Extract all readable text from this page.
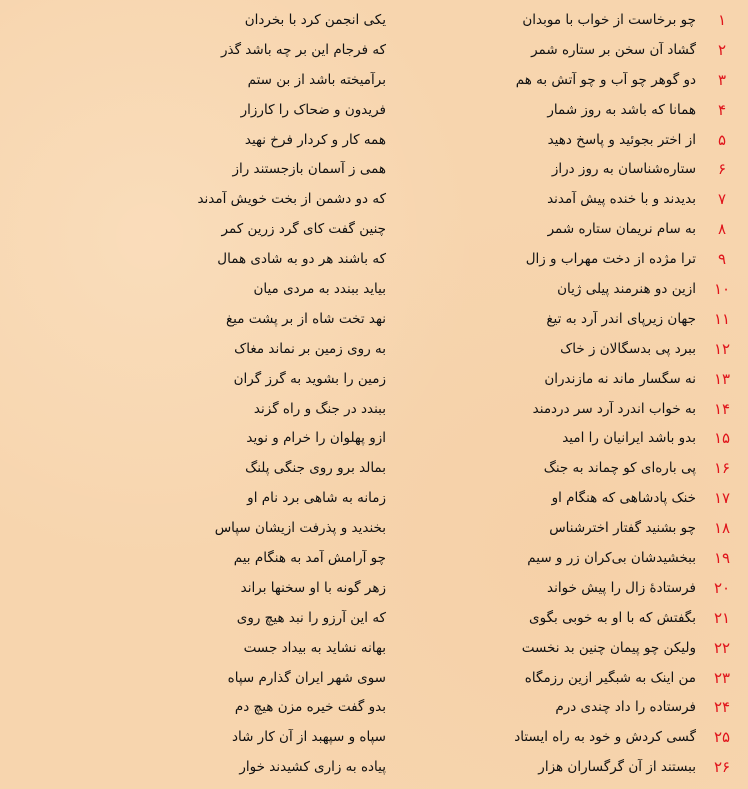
۱
چو برخاست از خواب با موبدان
یکی انجمن کرد با بخردان
۲
گشاد آن سخن بر ستاره شمر
که فرجام این بر چه باشد گذر
۳
دو گوهر چو آب و چو آتش به هم
برآمیخته باشد از بن ستم
۴
همانا که باشد به روز شمار
فریدون و ضحاک را کارزار
۵
از اختر بجوئید و پاسخ دهید
همه کار و کردار فرخ نهید
۶
ستاره‌شناسان به روز دراز
همی ز آسمان بازجستند راز
۷
بدیدند و با خنده پیش آمدند
که دو دشمن از بخت خویش آمدند
۸
به سام نریمان ستاره شمر
چنین گفت کای گرد زرین کمر
۹
ترا مژده از دخت مهراب و زال
که باشند هر دو به شادی همال
۱۰
ازین دو هنرمند پیلی ژیان
بیاید ببندد به مردی میان
۱۱
جهان زیرپای اندر آرد به تیغ
نهد تخت شاه از بر پشت میغ
۱۲
ببرد پی بدسگالان ز خاک
به روی زمین بر نماند مغاک
۱۳
نه سگسار ماند نه مازندران
زمین را بشوید به گرز گران
۱۴
به خواب اندرد آرد سر دردمند
ببندد در جنگ و راه گزند
۱۵
بدو باشد ایرانیان را امید
ازو پهلوان را خرام و نوید
۱۶
پی باره‌ای کو چماند به جنگ
بمالد برو روی جنگی پلنگ
۱۷
خنک پادشاهی که هنگام او
زمانه به شاهی برد نام او
۱۸
چو بشنید گفتار اخترشناس
بخندید و پذرفت ازیشان سپاس
۱۹
ببخشیدشان بی‌کران زر و سیم
چو آرامش آمد به هنگام بیم
۲۰
فرستادهٔ زال را پیش خواند
زهر گونه با او سخنها براند
۲۱
بگفتش که با او به خوبی بگوی
که این آرزو را نبد هیچ روی
۲۲
ولیکن چو پیمان چنین بد نخست
بهانه نشاید به بیداد جست
۲۳
من اینک به شبگیر ازین رزمگاه
سوی شهر ایران گذارم سپاه
۲۴
فرستاده را داد چندی درم
بدو گفت خیره مزن هیچ دم
۲۵
گسی کردش و خود به راه ایستاد
سپاه و سپهبد از آن کار شاد
۲۶
ببستند از آن گرگساران هزار
پیاده به زاری کشیدند خوار
